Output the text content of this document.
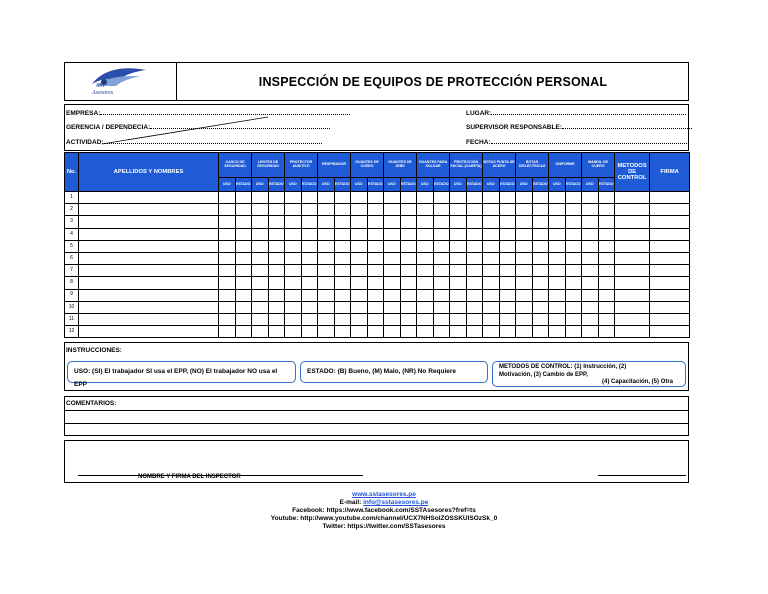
SST
Asesores
INSPECCIÓN DE EQUIPOS DE PROTECCIÓN PERSONAL
EMPRESA:	LUGAR:
GERENCIA / DEPENDECIA:	SUPERVISOR RESPONSABLE:
ACTIVIDAD:	FECHA:
No.	APELLIDOS Y NOMBRES	CASCO DE SEGURIDAD		LENTES DE SEGURIDAD		PROTECTOR AUDITIVO		RESPIRADOR		GUANTES DE CUERO		GUANTES DE JEBE		GUANTES PARA SOLDAR		PROTECCIÓN FACIAL (CARETA)		BOTAS PUNTA DE ACERO		BOTAS DIELÉCTRICAS		UNIFORME		MANDIL DE CUERO		METODOS DE CONTROL	FIRMA
		USO	ESTADO	USO	ESTADO	USO	ESTADO	USO	ESTADO	USO	ESTADO	USO	ESTADO	USO	ESTADO	USO	ESTADO	USO	ESTADO	USO	ESTADO	USO	ESTADO	USO	ESTADO		
1																											
2																											
3																											
4																											
5																											
6																											
7																											
8																											
9																											
10																											
11																											
12																											
INSTRUCCIONES:
USO: (SI) El trabajador SI usa el EPP, (NO) El trabajador NO usa el EPP
ESTADO: (B) Bueno, (M) Malo, (NR) No Requiere
METODOS DE CONTROL: (1) Instrucción, (2)
Motivación, (3) Cambio de EPP,
(4) Capacitación, (5) Otra
COMENTARIOS:
NOMBRE Y FIRMA DEL INSPECTOR
www.sstasesores.pe
E-mail: info@sstasesores.pe
Facebook: https://www.facebook.com/SSTAsesores?fref=ts
Youtube: http://www.youtube.com/channel/UCX7NHSolZOSSKUlSOzSk_0
Twitter: https://twitter.com/SSTasesores
